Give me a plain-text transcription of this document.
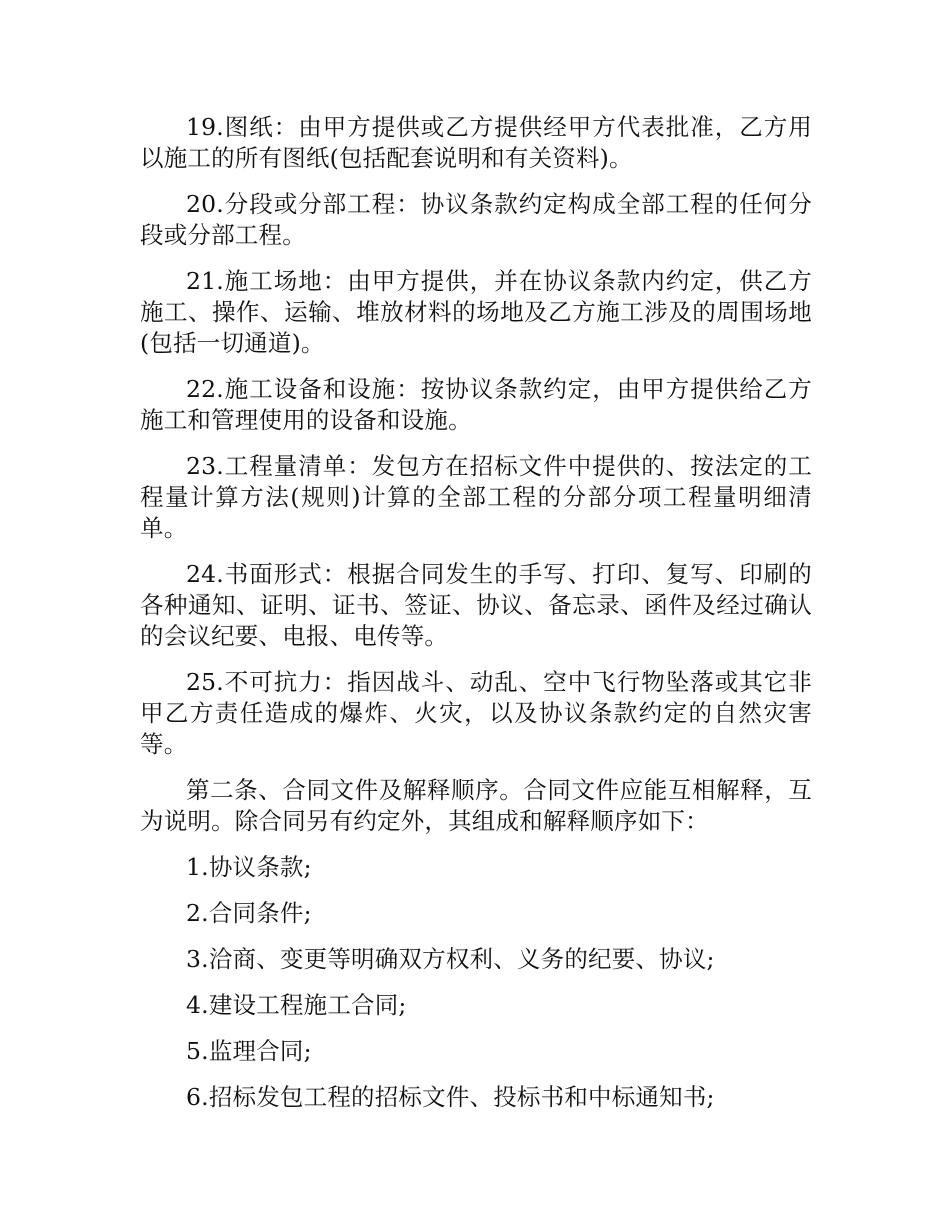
19.图纸：由甲方提供或乙方提供经甲方代表批准，乙方用以施工的所有图纸(包括配套说明和有关资料)。

20.分段或分部工程：协议条款约定构成全部工程的任何分段或分部工程。

21.施工场地：由甲方提供，并在协议条款内约定，供乙方施工、操作、运输、堆放材料的场地及乙方施工涉及的周围场地(包括一切通道)。

22.施工设备和设施：按协议条款约定，由甲方提供给乙方施工和管理使用的设备和设施。

23.工程量清单：发包方在招标文件中提供的、按法定的工程量计算方法(规则)计算的全部工程的分部分项工程量明细清单。

24.书面形式：根据合同发生的手写、打印、复写、印刷的各种通知、证明、证书、签证、协议、备忘录、函件及经过确认的会议纪要、电报、电传等。

25.不可抗力：指因战斗、动乱、空中飞行物坠落或其它非甲乙方责任造成的爆炸、火灾，以及协议条款约定的自然灾害等。

第二条、合同文件及解释顺序。合同文件应能互相解释，互为说明。除合同另有约定外，其组成和解释顺序如下：

1.协议条款;

2.合同条件;

3.洽商、变更等明确双方权利、义务的纪要、协议;

4.建设工程施工合同;

5.监理合同;

6.招标发包工程的招标文件、投标书和中标通知书;
